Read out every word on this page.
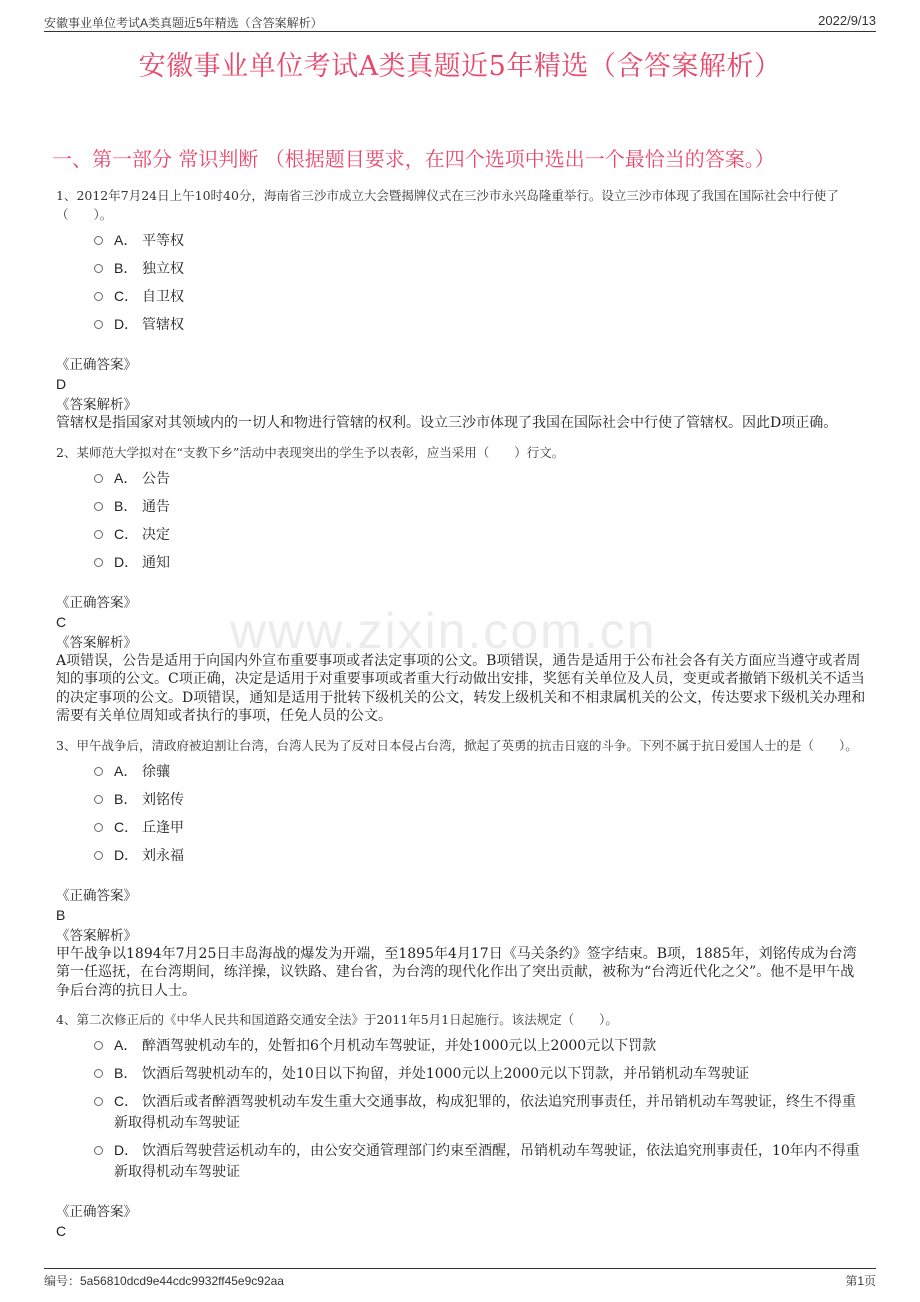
安徽事业单位考试A类真题近5年精选（含答案解析）	2022/9/13
安徽事业单位考试A类真题近5年精选（含答案解析）
一、第一部分 常识判断 （根据题目要求，在四个选项中选出一个最恰当的答案。）
www.zixin.com.cn

1、2012年7月24日上午10时40分，海南省三沙市成立大会暨揭牌仪式在三沙市永兴岛隆重举行。设立三沙市体现了我国在国际社会中行使了（　　）。

A． 平等权
B． 独立权
C． 自卫权
D． 管辖权
《正确答案》
D
《答案解析》
管辖权是指国家对其领域内的一切人和物进行管辖的权利。设立三沙市体现了我国在国际社会中行使了管辖权。因此D项正确。

2、某师范大学拟对在“支教下乡”活动中表现突出的学生予以表彰，应当采用（　　）行文。

A． 公告
B． 通告
C． 决定
D． 通知
《正确答案》
C
《答案解析》
A项错误，公告是适用于向国内外宣布重要事项或者法定事项的公文。B项错误，通告是适用于公布社会各有关方面应当遵守或者周知的事项的公文。C项正确，决定是适用于对重要事项或者重大行动做出安排，奖惩有关单位及人员，变更或者撤销下级机关不适当的决定事项的公文。D项错误，通知是适用于批转下级机关的公文，转发上级机关和不相隶属机关的公文，传达要求下级机关办理和需要有关单位周知或者执行的事项，任免人员的公文。

3、甲午战争后，清政府被迫割让台湾，台湾人民为了反对日本侵占台湾，掀起了英勇的抗击日寇的斗争。下列不属于抗日爱国人士的是（　　）。

A． 徐骧
B． 刘铭传
C． 丘逢甲
D． 刘永福
《正确答案》
B
《答案解析》
甲午战争以1894年7月25日丰岛海战的爆发为开端，至1895年4月17日《马关条约》签字结束。B项，1885年，刘铭传成为台湾第一任巡抚，在台湾期间，练洋操，议铁路、建台省，为台湾的现代化作出了突出贡献，被称为“台湾近代化之父”。他不是甲午战争后台湾的抗日人士。

4、第二次修正后的《中华人民共和国道路交通安全法》于2011年5月1日起施行。该法规定（　　）。

A． 醉酒驾驶机动车的，处暂扣6个月机动车驾驶证，并处1000元以上2000元以下罚款
B． 饮酒后驾驶机动车的，处10日以下拘留，并处1000元以上2000元以下罚款，并吊销机动车驾驶证
C． 饮酒后或者醉酒驾驶机动车发生重大交通事故，构成犯罪的，依法追究刑事责任，并吊销机动车驾驶证，终生不得重新取得机动车驾驶证
D． 饮酒后驾驶营运机动车的，由公安交通管理部门约束至酒醒，吊销机动车驾驶证，依法追究刑事责任，10年内不得重新取得机动车驾驶证
《正确答案》
C
编号：5a56810dcd9e44cdc9932ff45e9c92aa	第1页
